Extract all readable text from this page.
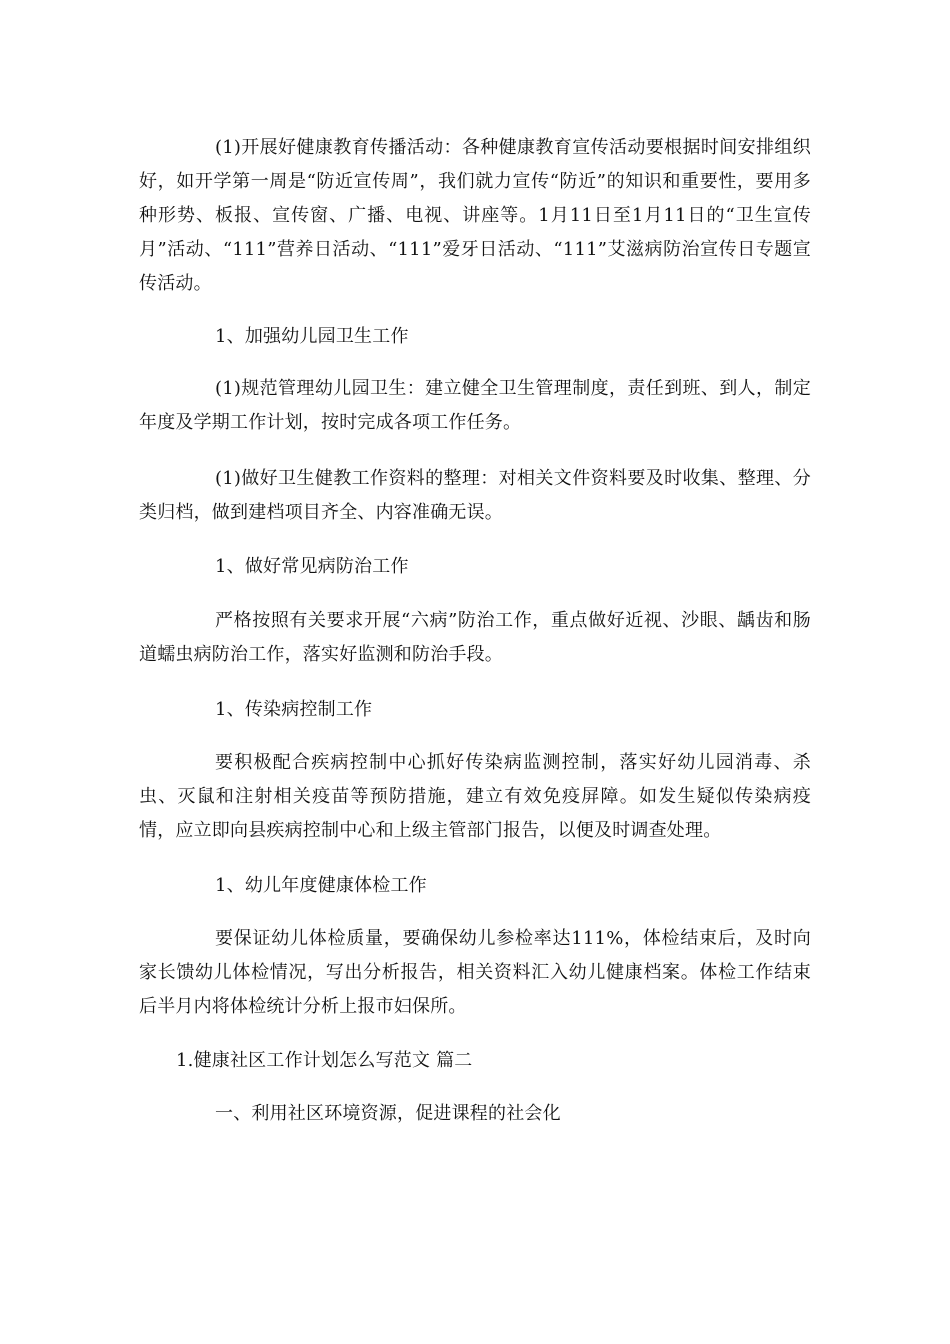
(1)开展好健康教育传播活动：各种健康教育宣传活动要根据时间安排组织好，如开学第一周是“防近宣传周”，我们就力宣传“防近”的知识和重要性，要用多种形势、板报、宣传窗、广播、电视、讲座等。1月11日至1月11日的“卫生宣传月”活动、“111”营养日活动、“111”爱牙日活动、“111”艾滋病防治宣传日专题宣传活动。

1、加强幼儿园卫生工作

(1)规范管理幼儿园卫生：建立健全卫生管理制度，责任到班、到人，制定年度及学期工作计划，按时完成各项工作任务。

(1)做好卫生健教工作资料的整理：对相关文件资料要及时收集、整理、分类归档，做到建档项目齐全、内容准确无误。

1、做好常见病防治工作

严格按照有关要求开展“六病”防治工作，重点做好近视、沙眼、龋齿和肠道蠕虫病防治工作，落实好监测和防治手段。

1、传染病控制工作

要积极配合疾病控制中心抓好传染病监测控制，落实好幼儿园消毒、杀虫、灭鼠和注射相关疫苗等预防措施，建立有效免疫屏障。如发生疑似传染病疫情，应立即向县疾病控制中心和上级主管部门报告，以便及时调查处理。

1、幼儿年度健康体检工作

要保证幼儿体检质量，要确保幼儿参检率达111%，体检结束后，及时向家长馈幼儿体检情况，写出分析报告，相关资料汇入幼儿健康档案。体检工作结束后半月内将体检统计分析上报市妇保所。

1.健康社区工作计划怎么写范文 篇二

一、利用社区环境资源，促进课程的社会化
